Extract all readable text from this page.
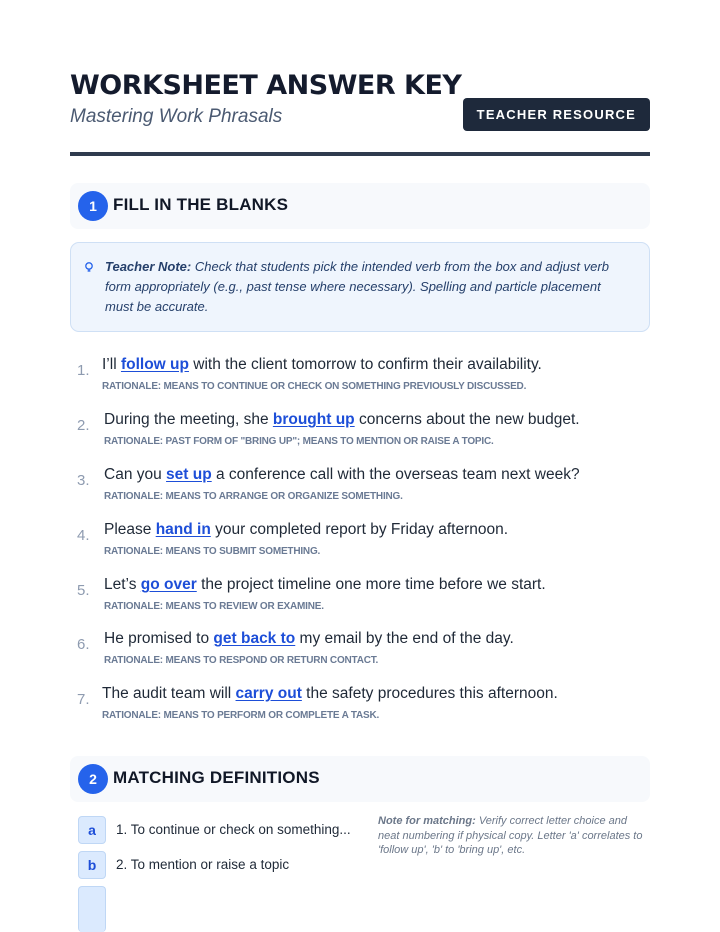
WORKSHEET ANSWER KEY
Mastering Work Phrasals	TEACHER RESOURCE
1 FILL IN THE BLANKS
Teacher Note: Check that students pick the intended verb from the box and adjust verb form appropriately (e.g., past tense where necessary). Spelling and particle placement must be accurate.
1. I’ll follow up with the client tomorrow to confirm their availability.
RATIONALE: MEANS TO CONTINUE OR CHECK ON SOMETHING PREVIOUSLY DISCUSSED.
2. During the meeting, she brought up concerns about the new budget.
RATIONALE: PAST FORM OF "BRING UP"; MEANS TO MENTION OR RAISE A TOPIC.
3. Can you set up a conference call with the overseas team next week?
RATIONALE: MEANS TO ARRANGE OR ORGANIZE SOMETHING.
4. Please hand in your completed report by Friday afternoon.
RATIONALE: MEANS TO SUBMIT SOMETHING.
5. Let’s go over the project timeline one more time before we start.
RATIONALE: MEANS TO REVIEW OR EXAMINE.
6. He promised to get back to my email by the end of the day.
RATIONALE: MEANS TO RESPOND OR RETURN CONTACT.
7. The audit team will carry out the safety procedures this afternoon.
RATIONALE: MEANS TO PERFORM OR COMPLETE A TASK.
2 MATCHING DEFINITIONS
a	1. To continue or check on something...
b	2. To mention or raise a topic
Note for matching: Verify correct letter choice and neat numbering if physical copy. Letter 'a' correlates to 'follow up', 'b' to 'bring up', etc.
